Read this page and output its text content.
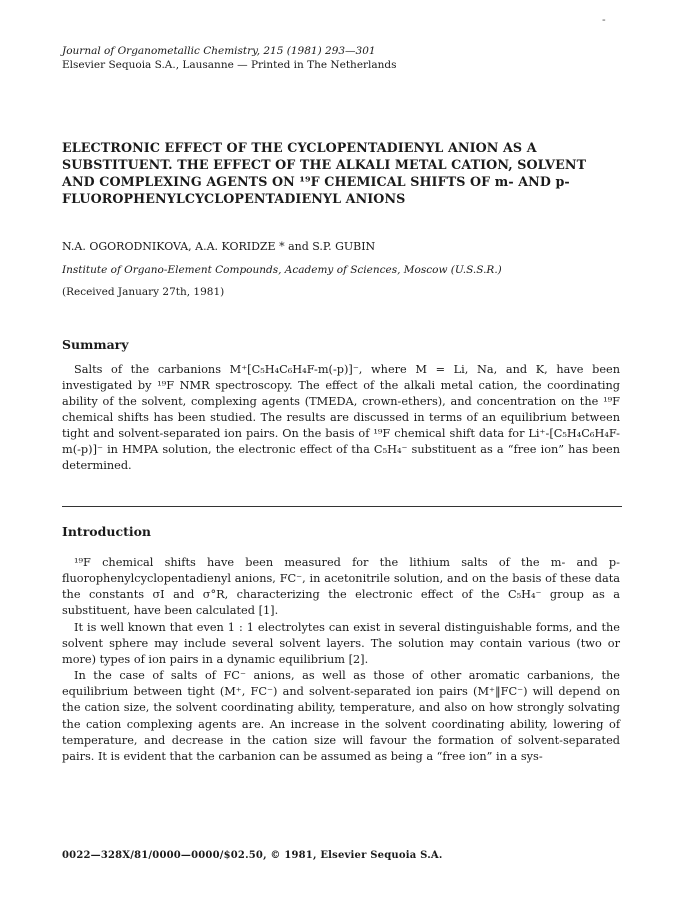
-
Journal of Organometallic Chemistry, 215 (1981) 293—301
Elsevier Sequoia S.A., Lausanne — Printed in The Netherlands
ELECTRONIC EFFECT OF THE CYCLOPENTADIENYL ANION AS A SUBSTITUENT. THE EFFECT OF THE ALKALI METAL CATION, SOLVENT AND COMPLEXING AGENTS ON ¹⁹F CHEMICAL SHIFTS OF m- AND p-FLUOROPHENYLCYCLOPENTADIENYL ANIONS
N.A. OGORODNIKOVA, A.A. KORIDZE * and S.P. GUBIN
Institute of Organo-Element Compounds, Academy of Sciences, Moscow (U.S.S.R.)
(Received January 27th, 1981)
Summary

Salts of the carbanions M⁺[C₅H₄C₆H₄F-m(-p)]⁻, where M = Li, Na, and K, have been investigated by ¹⁹F NMR spectroscopy. The effect of the alkali metal cation, the coordinating ability of the solvent, complexing agents (TMEDA, crown-ethers), and concentration on the ¹⁹F chemical shifts has been studied. The results are discussed in terms of an equilibrium between tight and solvent-separated ion pairs. On the basis of ¹⁹F chemical shift data for Li⁺-[C₅H₄C₆H₄F-m(-p)]⁻ in HMPA solution, the electronic effect of tha C₅H₄⁻ substituent as a “free ion” has been determined.

Introduction

¹⁹F chemical shifts have been measured for the lithium salts of the m- and p-fluorophenylcyclopentadienyl anions, FC⁻, in acetonitrile solution, and on the basis of these data the constants σI and σ°R, characterizing the electronic effect of the C₅H₄⁻ group as a substituent, have been calculated [1].

It is well known that even 1 : 1 electrolytes can exist in several distinguishable forms, and the solvent sphere may include several solvent layers. The solution may contain various (two or more) types of ion pairs in a dynamic equilibrium [2].

In the case of salts of FC⁻ anions, as well as those of other aromatic carbanions, the equilibrium between tight (M⁺, FC⁻) and solvent-separated ion pairs (M⁺‖FC⁻) will depend on the cation size, the solvent coordinating ability, temperature, and also on how strongly solvating the cation complexing agents are. An increase in the solvent coordinating ability, lowering of temperature, and decrease in the cation size will favour the formation of solvent-separated pairs. It is evident that the carbanion can be assumed as being a “free ion” in a sys-

0022—328X/81/0000—0000/$02.50, © 1981, Elsevier Sequoia S.A.
